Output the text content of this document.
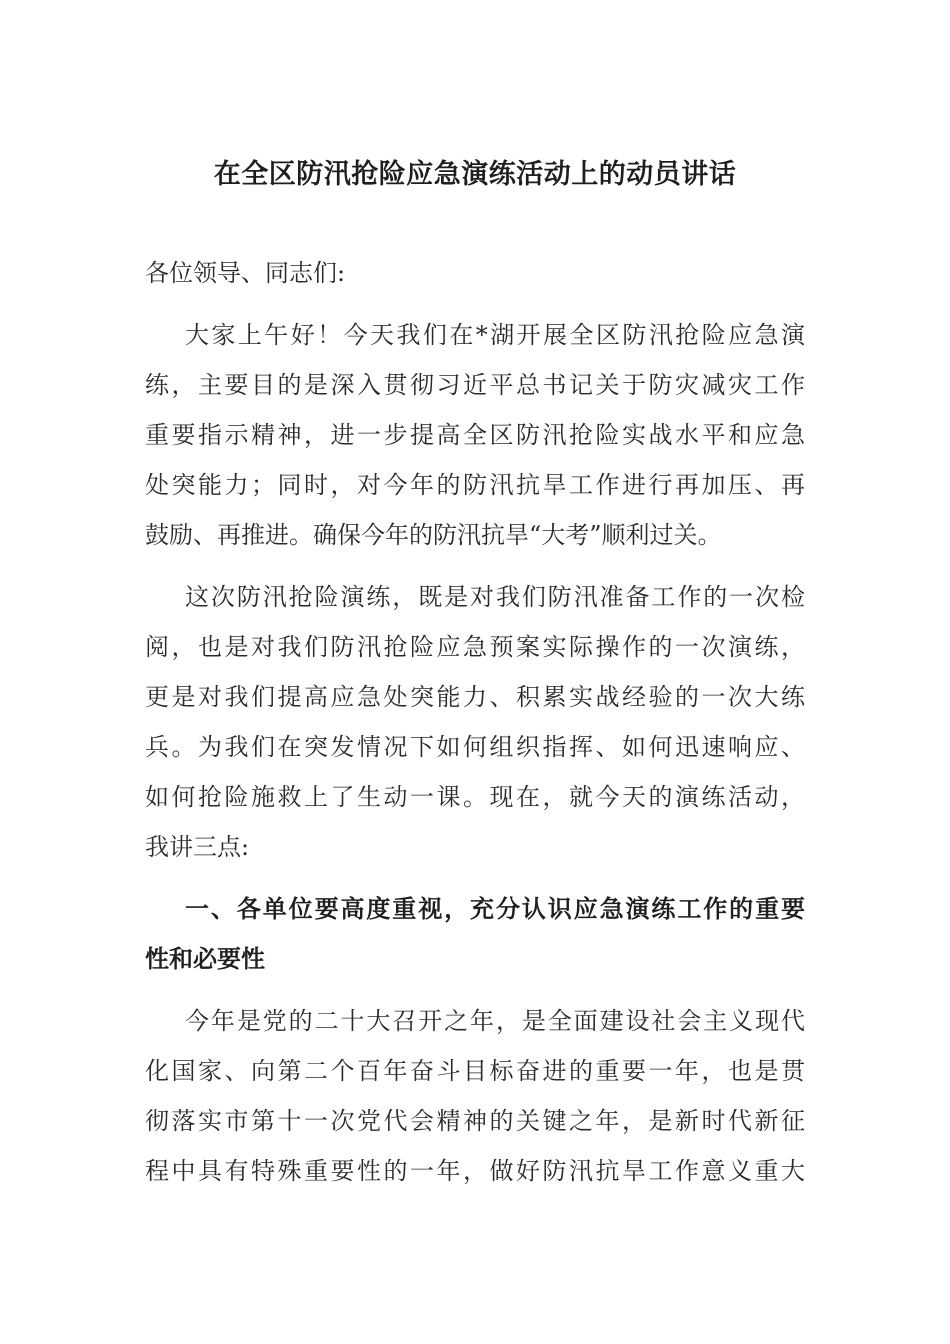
在全区防汛抢险应急演练活动上的动员讲话
各位领导、同志们:
大家上午好！今天我们在*湖开展全区防汛抢险应急演
练，主要目的是深入贯彻习近平总书记关于防灾减灾工作
重要指示精神，进一步提高全区防汛抢险实战水平和应急
处突能力；同时，对今年的防汛抗旱工作进行再加压、再
鼓励、再推进。确保今年的防汛抗旱“大考”顺利过关。
这次防汛抢险演练，既是对我们防汛准备工作的一次检
阅，也是对我们防汛抢险应急预案实际操作的一次演练，
更是对我们提高应急处突能力、积累实战经验的一次大练
兵。为我们在突发情况下如何组织指挥、如何迅速响应、
如何抢险施救上了生动一课。现在，就今天的演练活动，
我讲三点:
一、各单位要高度重视，充分认识应急演练工作的重要
性和必要性
今年是党的二十大召开之年，是全面建设社会主义现代
化国家、向第二个百年奋斗目标奋进的重要一年，也是贯
彻落实市第十一次党代会精神的关键之年，是新时代新征
程中具有特殊重要性的一年，做好防汛抗旱工作意义重大
